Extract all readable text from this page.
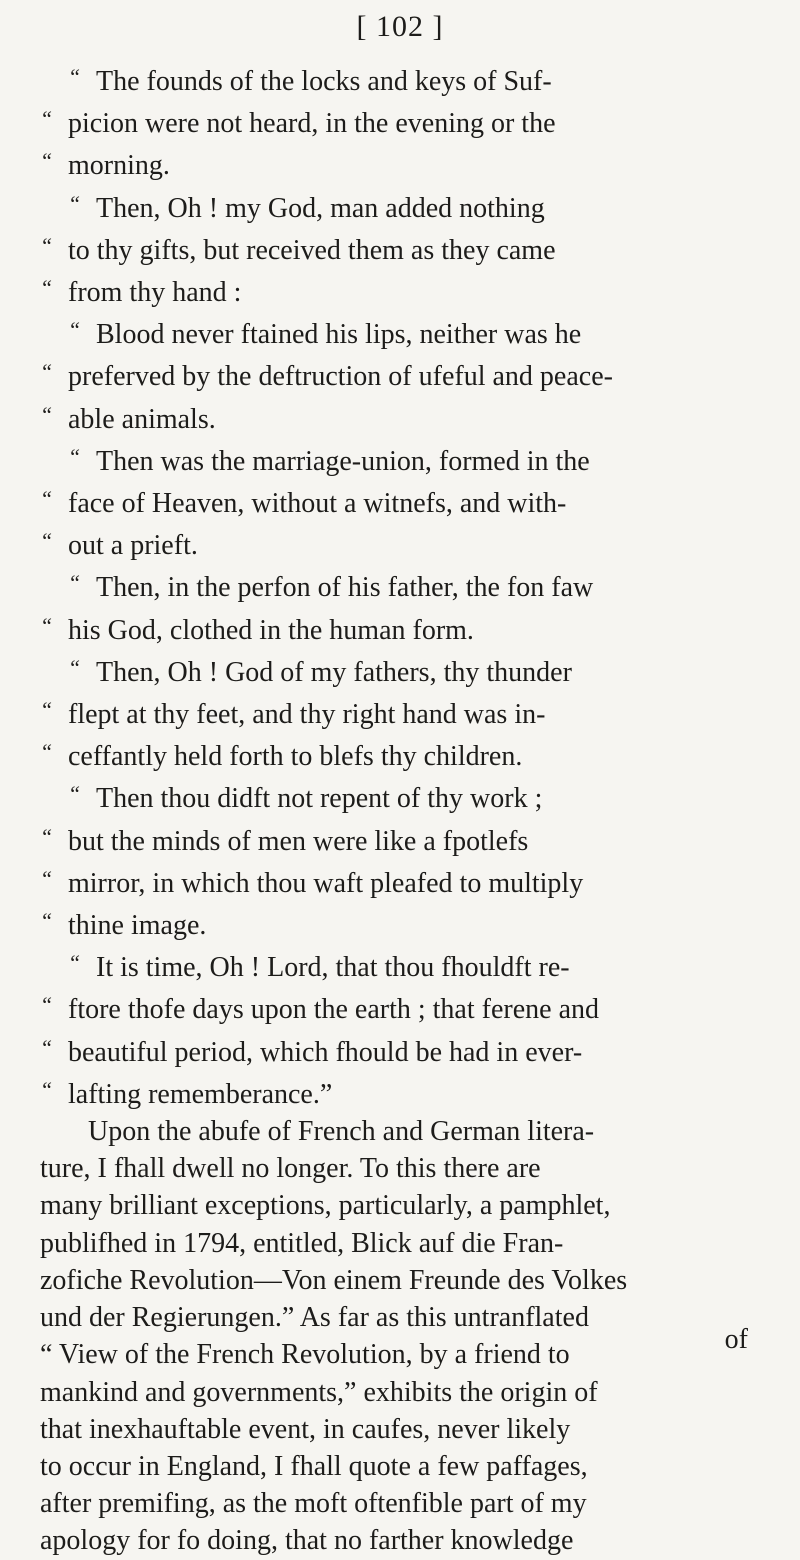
[ 102 ]
“ The founds of the locks and keys of Suf-
“ picion were not heard, in the evening or the
“ morning.
“ Then, Oh ! my God, man added nothing
“ to thy gifts, but received them as they came
“ from thy hand :
“ Blood never ftained his lips, neither was he
“ preferved by the deftruction of ufeful and peace-
“ able animals.
“ Then was the marriage-union, formed in the
“ face of Heaven, without a witnefs, and with-
“ out a prieft.
“ Then, in the perfon of his father, the fon faw
“ his God, clothed in the human form.
“ Then, Oh ! God of my fathers, thy thunder
“ flept at thy feet, and thy right hand was in-
“ ceffantly held forth to blefs thy children.
“ Then thou didft not repent of thy work ;
“ but the minds of men were like a fpotlefs
“ mirror, in which thou waft pleafed to multiply
“ thine image.
“ It is time, Oh ! Lord, that thou fhouldft re-
“ ftore thofe days upon the earth ; that ferene and
“ beautiful period, which fhould be had in ever-
“ lafting rememberance.”
Upon the abufe of French and German litera-
ture, I fhall dwell no longer. To this there are
many brilliant exceptions, particularly, a pamphlet,
publifhed in 1794, entitled, Blick auf die Fran-
zofiche Revolution—Von einem Freunde des Volkes
und der Regierungen.” As far as this untranflated
“ View of the French Revolution, by a friend to
mankind and governments,” exhibits the origin of
that inexhauftable event, in caufes, never likely
to occur in England, I fhall quote a few paffages,
after premifing, as the moft oftenfible part of my
apology for fo doing, that no farther knowledge
of
